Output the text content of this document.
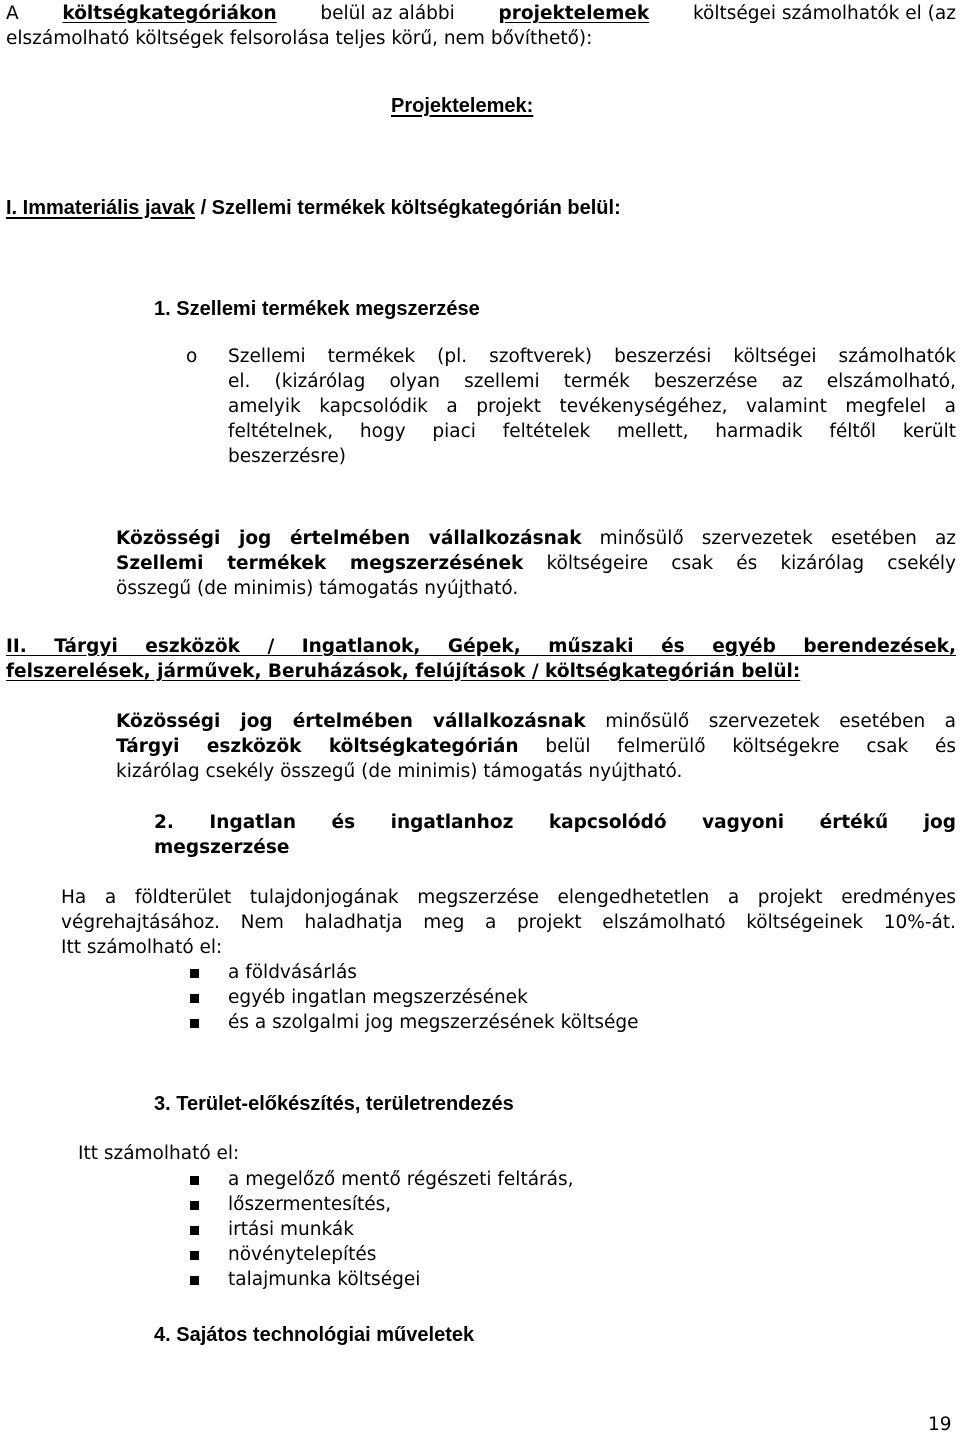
A költségkategóriákon belül az alábbi projektelemek költségei számolhatók el (az
elszámolható költségek felsorolása teljes körű, nem bővíthető):
Projektelemek:
I. Immateriális javak / Szellemi termékek költségkategórián belül:
1. Szellemi termékek megszerzése
o Szellemi termékek (pl. szoftverek) beszerzési költségei számolhatók
el. (kizárólag olyan szellemi termék beszerzése az elszámolható,
amelyik kapcsolódik a projekt tevékenységéhez, valamint megfelel a
feltételnek, hogy piaci feltételek mellett, harmadik féltől került
beszerzésre)
Közösségi jog értelmében vállalkozásnak minősülő szervezetek esetében az
Szellemi termékek megszerzésének költségeire csak és kizárólag csekély
összegű (de minimis) támogatás nyújtható.
II. Tárgyi eszközök / Ingatlanok, Gépek, műszaki és egyéb berendezések,
felszerelések, járművek, Beruházások, felújítások / költségkategórián belül:
Közösségi jog értelmében vállalkozásnak minősülő szervezetek esetében a
Tárgyi eszközök költségkategórián belül felmerülő költségekre csak és
kizárólag csekély összegű (de minimis) támogatás nyújtható.
2. Ingatlan és ingatlanhoz kapcsolódó vagyoni értékű jog
megszerzése
Ha a földterület tulajdonjogának megszerzése elengedhetetlen a projekt eredményes
végrehajtásához. Nem haladhatja meg a projekt elszámolható költségeinek 10%-át.
Itt számolható el:
a földvásárlás
egyéb ingatlan megszerzésének
és a szolgalmi jog megszerzésének költsége
3. Terület-előkészítés, területrendezés
Itt számolható el:
a megelőző mentő régészeti feltárás,
lőszermentesítés,
irtási munkák
növénytelepítés
talajmunka költségei
4. Sajátos technológiai műveletek
19
